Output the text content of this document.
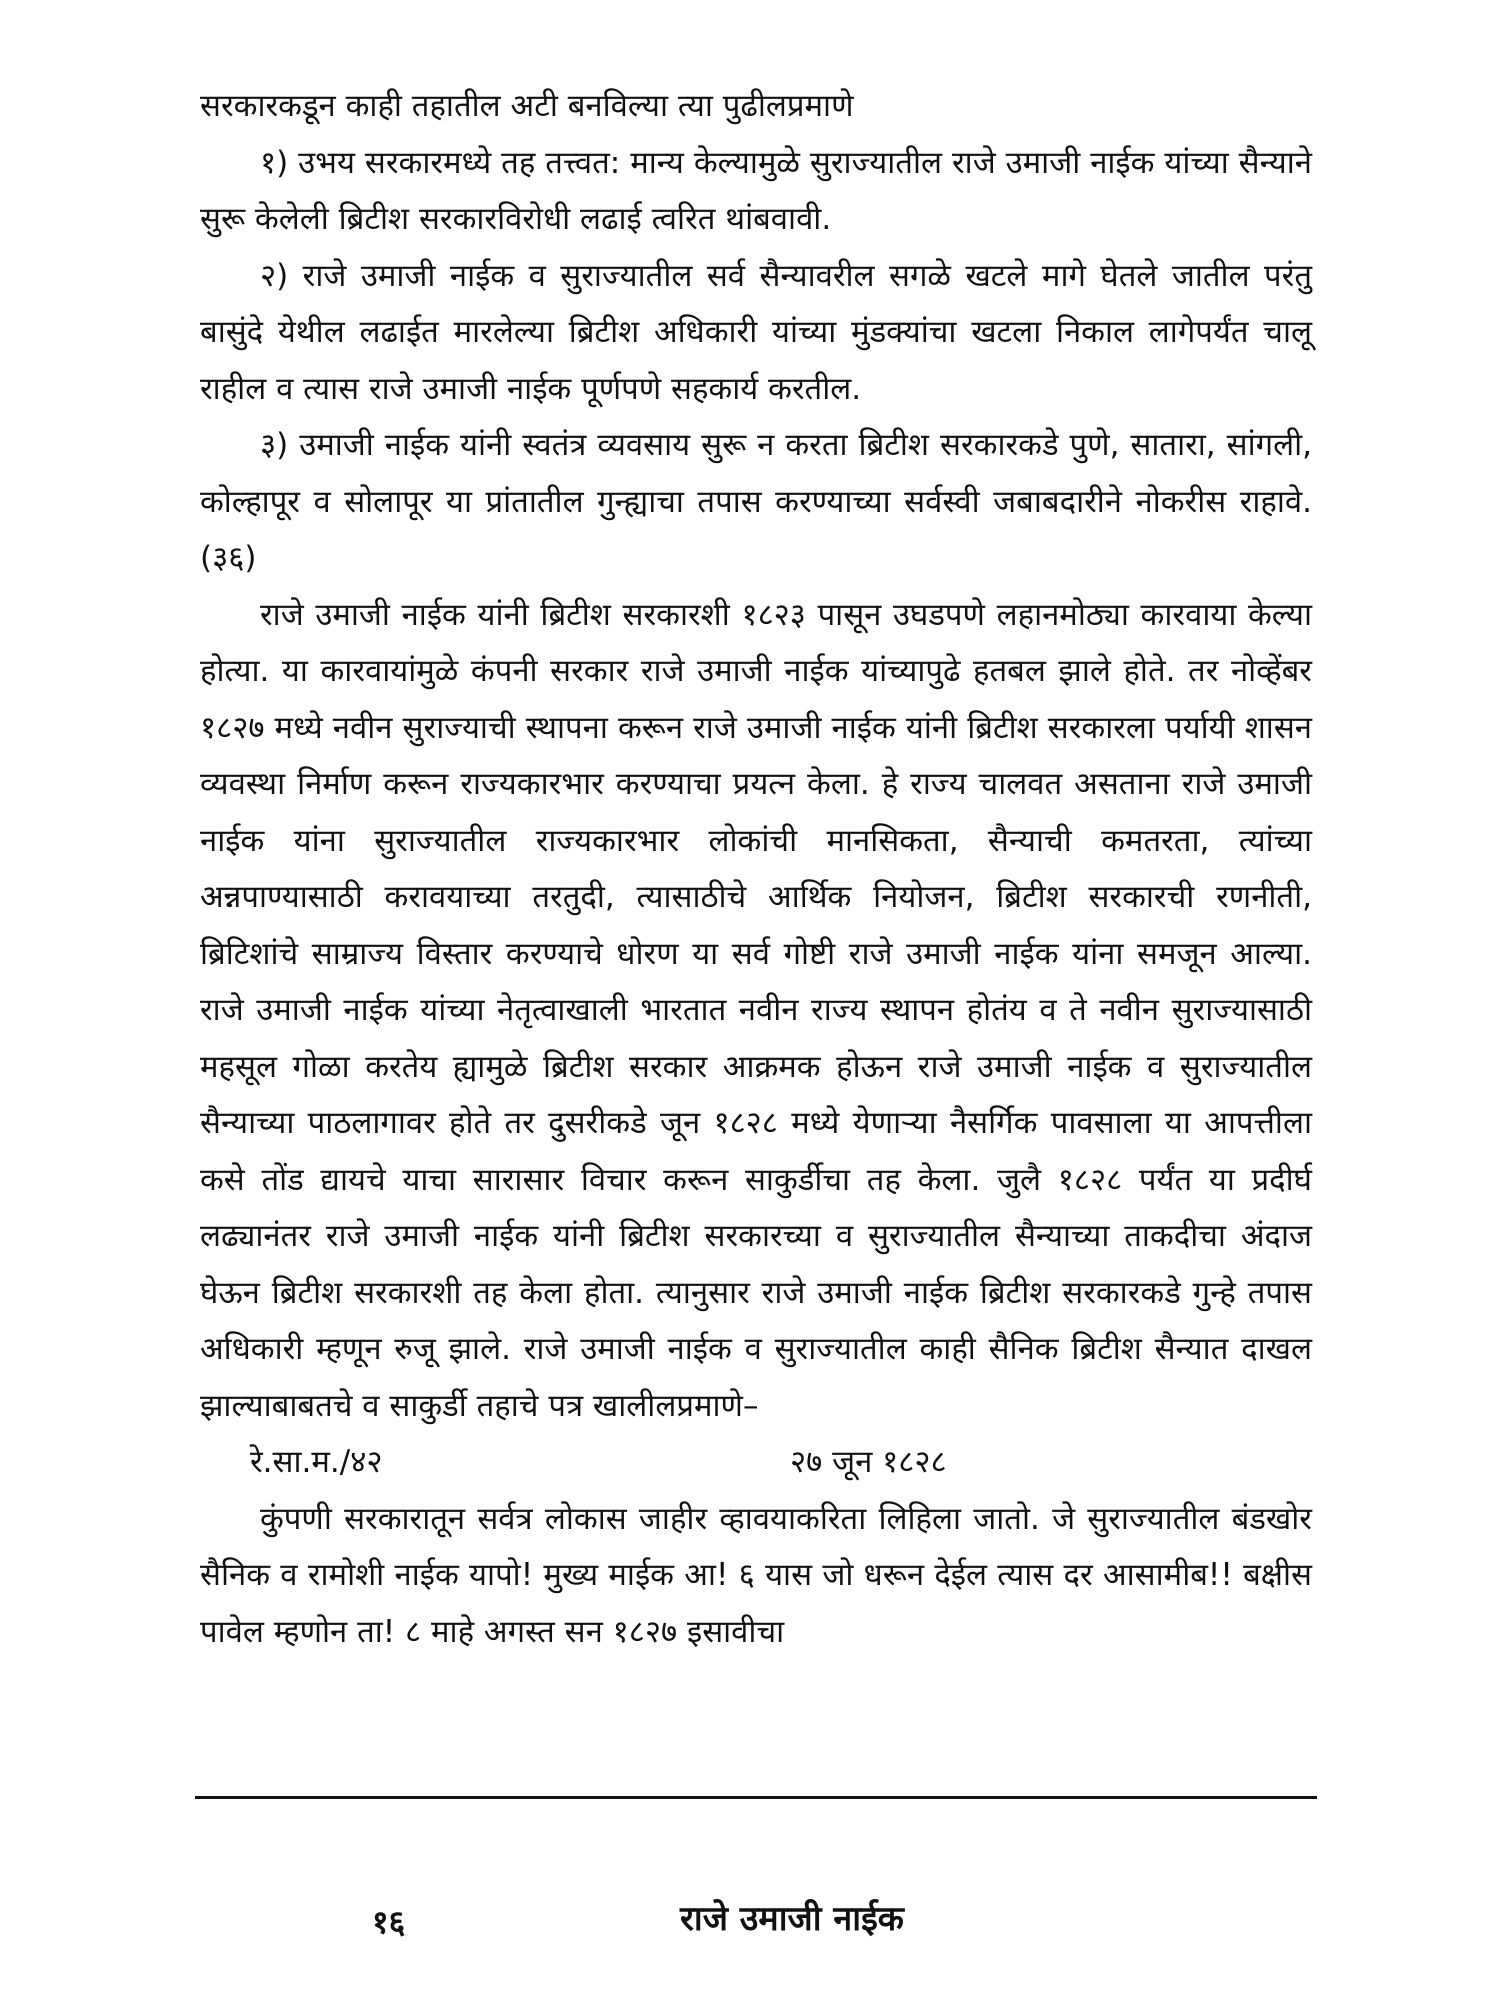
सरकारकडून काही तहातील अटी बनविल्या त्या पुढीलप्रमाणे

१) उभय सरकारमध्ये तह तत्त्वत: मान्य केल्यामुळे सुराज्यातील राजे उमाजी नाईक यांच्या सैन्याने सुरू केलेली ब्रिटीश सरकारविरोधी लढाई त्वरित थांबवावी.

२) राजे उमाजी नाईक व सुराज्यातील सर्व सैन्यावरील सगळे खटले मागे घेतले जातील परंतु बासुंदे येथील लढाईत मारलेल्या ब्रिटीश अधिकारी यांच्या मुंडक्यांचा खटला निकाल लागेपर्यंत चालू राहील व त्यास राजे उमाजी नाईक पूर्णपणे सहकार्य करतील.

३) उमाजी नाईक यांनी स्वतंत्र व्यवसाय सुरू न करता ब्रिटीश सरकारकडे पुणे, सातारा, सांगली, कोल्हापूर व सोलापूर या प्रांतातील गुन्ह्याचा तपास करण्याच्या सर्वस्वी जबाबदारीने नोकरीस राहावे. (३६)

राजे उमाजी नाईक यांनी ब्रिटीश सरकारशी १८२३ पासून उघडपणे लहानमोठ्या कारवाया केल्या होत्या. या कारवायांमुळे कंपनी सरकार राजे उमाजी नाईक यांच्यापुढे हतबल झाले होते. तर नोव्हेंबर १८२७ मध्ये नवीन सुराज्याची स्थापना करून राजे उमाजी नाईक यांनी ब्रिटीश सरकारला पर्यायी शासन व्यवस्था निर्माण करून राज्यकारभार करण्याचा प्रयत्न केला. हे राज्य चालवत असताना राजे उमाजी नाईक यांना सुराज्यातील राज्यकारभार लोकांची मानसिकता, सैन्याची कमतरता, त्यांच्या अन्नपाण्यासाठी करावयाच्या तरतुदी, त्यासाठीचे आर्थिक नियोजन, ब्रिटीश सरकारची रणनीती, ब्रिटिशांचे साम्राज्य विस्तार करण्याचे धोरण या सर्व गोष्टी राजे उमाजी नाईक यांना समजून आल्या. राजे उमाजी नाईक यांच्या नेतृत्वाखाली भारतात नवीन राज्य स्थापन होतंय व ते नवीन सुराज्यासाठी महसूल गोळा करतेय ह्यामुळे ब्रिटीश सरकार आक्रमक होऊन राजे उमाजी नाईक व सुराज्यातील सैन्याच्या पाठलागावर होते तर दुसरीकडे जून १८२८ मध्ये येणाऱ्या नैसर्गिक पावसाला या आपत्तीला कसे तोंड द्यायचे याचा सारासार विचार करून साकुर्डीचा तह केला. जुलै १८२८ पर्यंत या प्रदीर्घ लढ्यानंतर राजे उमाजी नाईक यांनी ब्रिटीश सरकारच्या व सुराज्यातील सैन्याच्या ताकदीचा अंदाज घेऊन ब्रिटीश सरकारशी तह केला होता. त्यानुसार राजे उमाजी नाईक ब्रिटीश सरकारकडे गुन्हे तपास अधिकारी म्हणून रुजू झाले. राजे उमाजी नाईक व सुराज्यातील काही सैनिक ब्रिटीश सैन्यात दाखल झाल्याबाबतचे व साकुर्डी तहाचे पत्र खालीलप्रमाणे–

रे.सा.म./४२	२७ जून १८२८

कुंपणी सरकारातून सर्वत्र लोकास जाहीर व्हावयाकरिता लिहिला जातो. जे सुराज्यातील बंडखोर सैनिक व रामोशी नाईक यापो! मुख्य माईक आ! ६ यास जो धरून देईल त्यास दर आसामीब!! बक्षीस पावेल म्हणोन ता! ८ माहे अगस्त सन १८२७ इसावीचा

१६	राजे उमाजी नाईक
